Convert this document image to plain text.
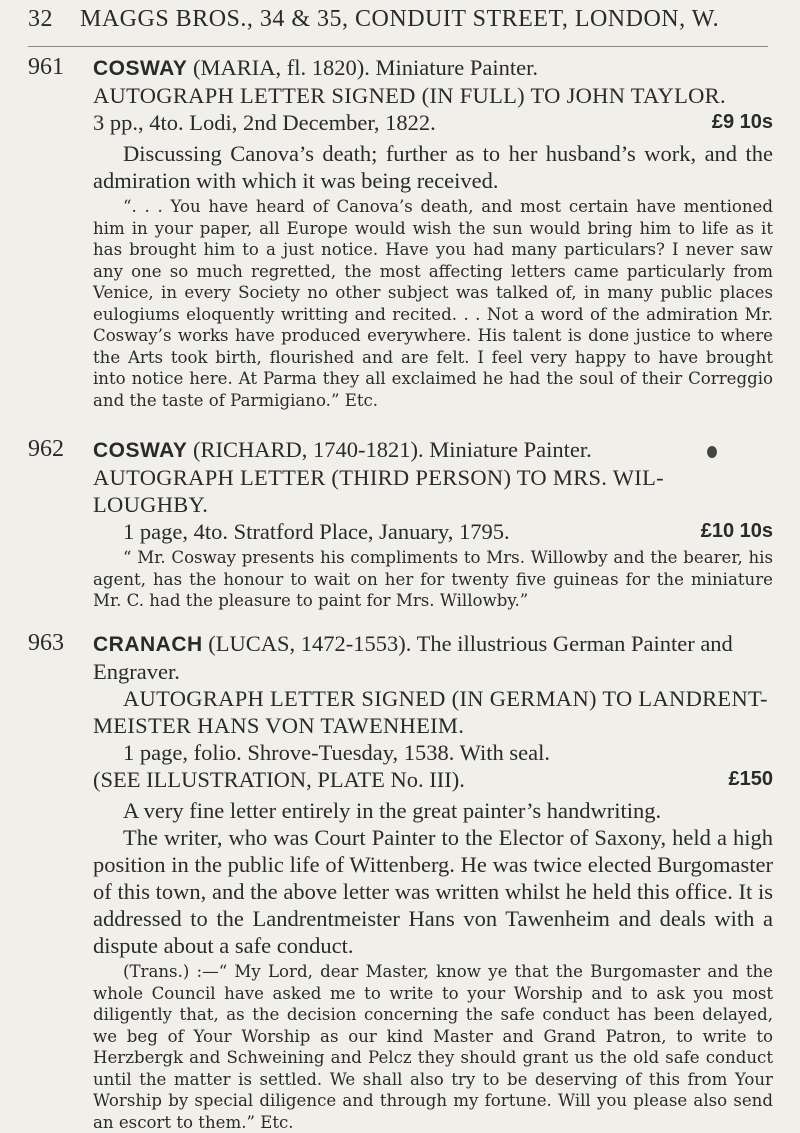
32 MAGGS BROS., 34 & 35, CONDUIT STREET, LONDON, W.
961 COSWAY (MARIA, fl. 1820). Miniature Painter.
AUTOGRAPH LETTER SIGNED (IN FULL) TO JOHN TAYLOR.
3 pp., 4to. Lodi, 2nd December, 1822.	£9 10s
Discussing Canova’s death; further as to her husband’s work, and the admiration with which it was being received.
“. . . You have heard of Canova’s death, and most certain have mentioned him in your paper, all Europe would wish the sun would bring him to life as it has brought him to a just notice. Have you had many particulars? I never saw any one so much regretted, the most affecting letters came particularly from Venice, in every Society no other subject was talked of, in many public places eulogiums eloquently writting and recited. . . Not a word of the admiration Mr. Cosway’s works have produced everywhere. His talent is done justice to where the Arts took birth, flourished and are felt. I feel very happy to have brought into notice here. At Parma they all exclaimed he had the soul of their Correggio and the taste of Parmigiano.” Etc.
962 COSWAY (RICHARD, 1740-1821). Miniature Painter.
AUTOGRAPH LETTER (THIRD PERSON) TO MRS. WIL-
LOUGHBY.
1 page, 4to. Stratford Place, January, 1795.	£10 10s
“ Mr. Cosway presents his compliments to Mrs. Willowby and the bearer, his agent, has the honour to wait on her for twenty five guineas for the miniature Mr. C. had the pleasure to paint for Mrs. Willowby.”
963 CRANACH (LUCAS, 1472-1553). The illustrious German Painter and
Engraver.
AUTOGRAPH LETTER SIGNED (IN GERMAN) TO LANDRENT-
MEISTER HANS VON TAWENHEIM.
1 page, folio. Shrove-Tuesday, 1538. With seal.
(SEE ILLUSTRATION, PLATE No. III).	£150
A very fine letter entirely in the great painter’s handwriting.
The writer, who was Court Painter to the Elector of Saxony, held a high position in the public life of Wittenberg. He was twice elected Burgomaster of this town, and the above letter was written whilst he held this office. It is addressed to the Landrentmeister Hans von Tawenheim and deals with a dispute about a safe conduct.
(Trans.) :—“ My Lord, dear Master, know ye that the Burgomaster and the whole Council have asked me to write to your Worship and to ask you most diligently that, as the decision concerning the safe conduct has been delayed, we beg of Your Worship as our kind Master and Grand Patron, to write to Herzbergk and Schweining and Pelcz they should grant us the old safe conduct until the matter is settled. We shall also try to be deserving of this from Your Worship by special diligence and through my fortune. Will you please also send an escort to them.” Etc.
